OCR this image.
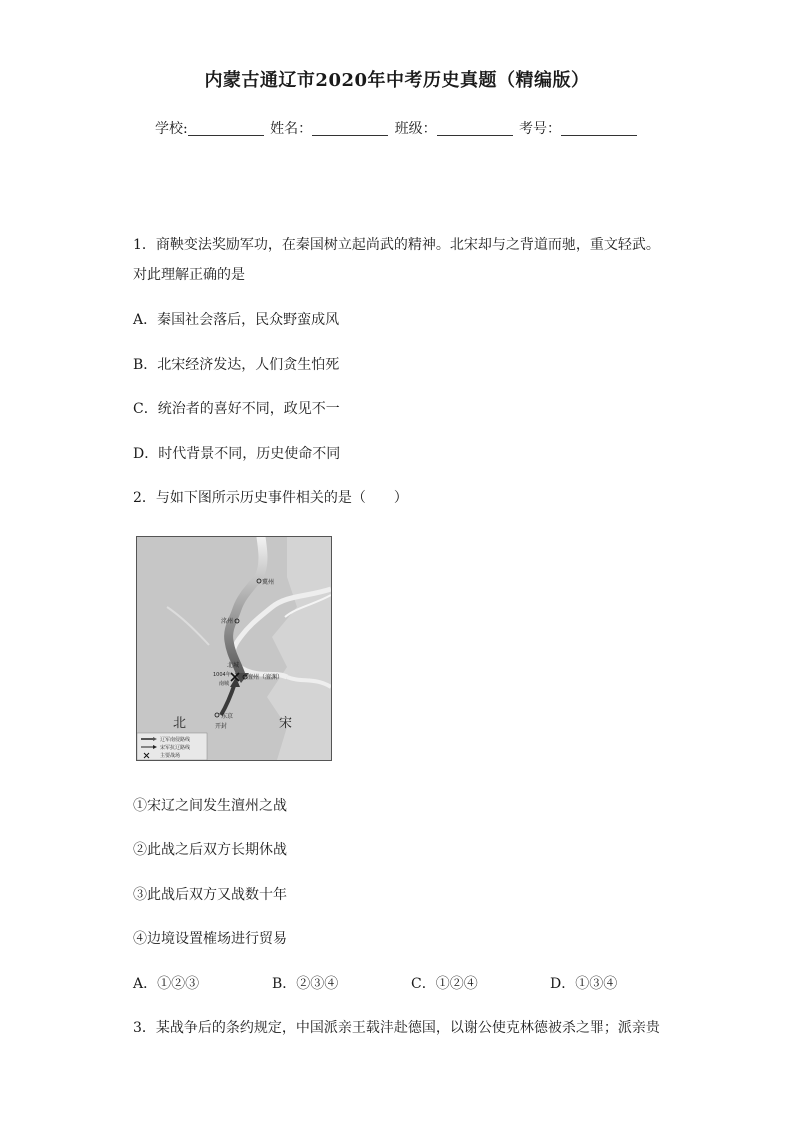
内蒙古通辽市2020年中考历史真题（精编版）
学校:	姓名：	班级：	考号：
1．商鞅变法奖励军功，在秦国树立起尚武的精神。北宋却与之背道而驰，重文轻武。
对此理解正确的是
A．秦国社会落后，民众野蛮成风
B．北宋经济发达，人们贪生怕死
C．统治者的喜好不同，政见不一
D．时代背景不同，历史使命不同
2．与如下图所示历史事件相关的是（　　）
冀州
洺州
北城
1004年
南城
澶州（澶渊）
东京
开封
北	宋
辽军南侵路线
宋军抗辽路线
主要战场
①宋辽之间发生澶州之战
②此战之后双方长期休战
③此战后双方又战数十年
④边境设置榷场进行贸易
A．①②③	B．②③④	C．①②④	D．①③④
3．某战争后的条约规定，中国派亲王载沣赴德国，以谢公使克林德被杀之罪；派亲贵
